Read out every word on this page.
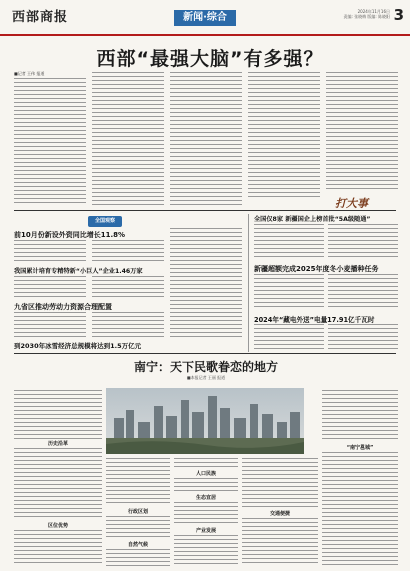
西部商报	新闻·综合
2024年11月16日
责编: 张晓梅 版编: 陈晓阳 3
西部“最强大脑”有多强？
■记者 王伟 报道
打大事
全国观察
前10月份新设外资同比增长11.8%
我国累计培育专精特新“小巨人”企业1.46万家
九省区推动劳动力资源合理配置
到2030年冰雪经济总规模将达到1.5万亿元
全国仅8家 新疆国企上榜首批“5A级随通”
新疆超额完成2025年度冬小麦播种任务
2024年“藏电外送”电量17.91亿千瓦时
南宁：天下民歌眷恋的地方
■本报记者 王丽 报道
历史沿革
区位优势
行政区划
自然气候
人口民族
生态宜居
产业发展
交通便捷
“南宁邕城”
